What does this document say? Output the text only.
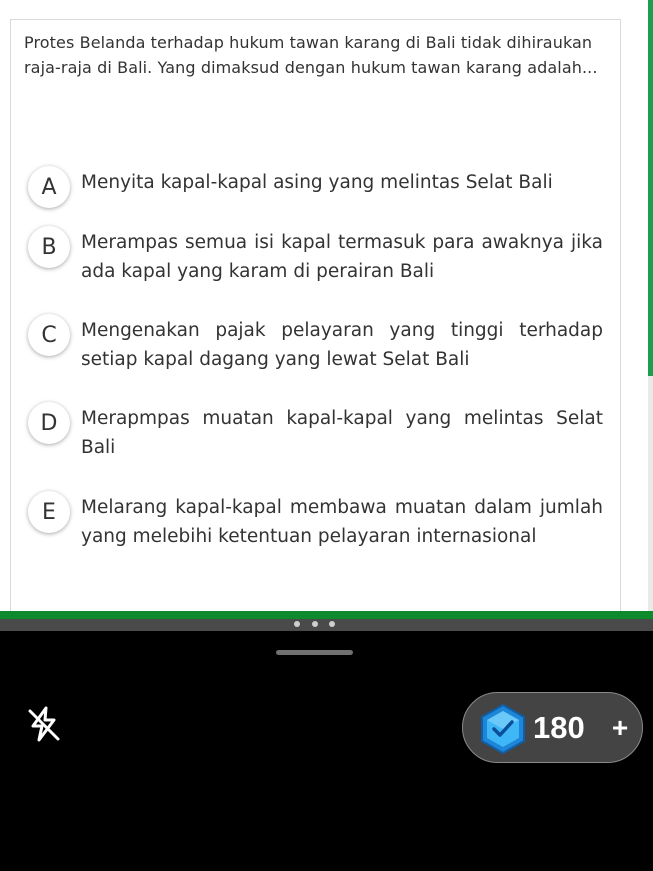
Protes Belanda terhadap hukum tawan karang di Bali tidak dihiraukan raja-raja di Bali. Yang dimaksud dengan hukum tawan karang adalah...
A	Menyita kapal-kapal asing yang melintas Selat Bali
B	Merampas semua isi kapal termasuk para awaknya jika ada kapal yang karam di perairan Bali
C	Mengenakan pajak pelayaran yang tinggi terhadap setiap kapal dagang yang lewat Selat Bali
D	Merapmpas muatan kapal-kapal yang melintas Selat Bali
E	Melarang kapal-kapal membawa muatan dalam jumlah yang melebihi ketentuan pelayaran internasional
180 +
